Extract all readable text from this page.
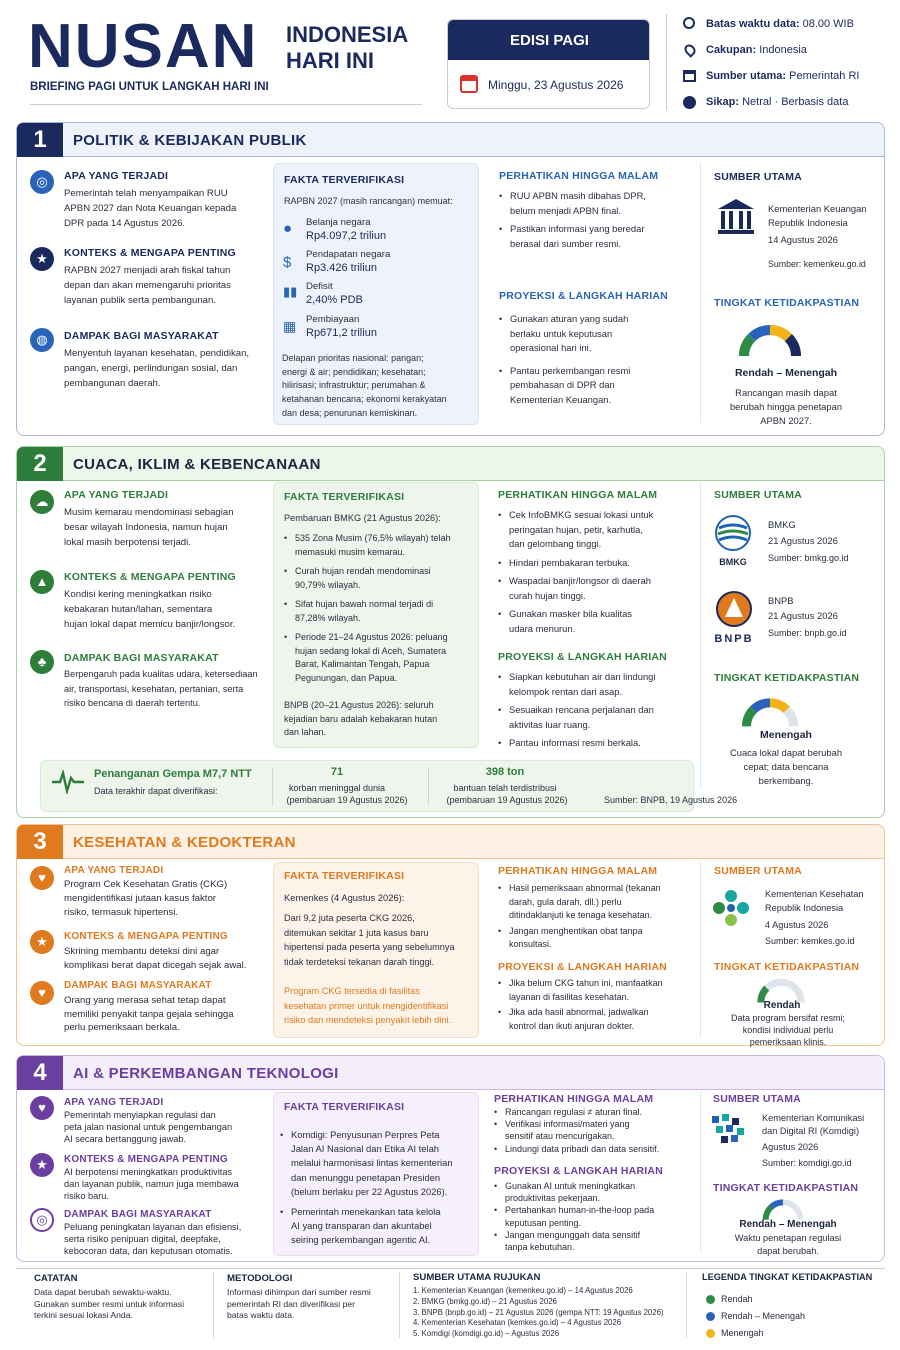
NUSAN INDONESIA
HARI INI
BRIEFING PAGI UNTUK LANGKAH HARI INI
EDISI PAGI
Minggu, 23 Agustus 2026
Batas waktu data: 08.00 WIB
Cakupan: Indonesia
Sumber utama: Pemerintah RI
Sikap: Netral · Berbasis data
1	POLITIK & KEBIJAKAN PUBLIK
◎	APA YANG TERJADI
Pemerintah telah menyampaikan RUU
APBN 2027 dan Nota Keuangan kepada
DPR pada 14 Agustus 2026.
★	KONTEKS & MENGAPA PENTING
RAPBN 2027 menjadi arah fiskal tahun
depan dan akan memengaruhi prioritas
layanan publik serta pembangunan.
◍	DAMPAK BAGI MASYARAKAT
Menyentuh layanan kesehatan, pendidikan,
pangan, energi, perlindungan sosial, dan
pembangunan daerah.
FAKTA TERVERIFIKASI
RAPBN 2027 (masih rancangan) memuat:
● Belanja negara
Rp4.097,2 triliun
$ Pendapatan negara
Rp3.426 triliun
▮▮ Defisit
2,40% PDB
▦ Pembiayaan
Rp671,2 triliun
Delapan prioritas nasional: pangan;
energi & air; pendidikan; kesehatan;
hilirisasi; infrastruktur; perumahan &
ketahanan bencana; ekonomi kerakyatan
dan desa; penurunan kemiskinan.
PERHATIKAN HINGGA MALAM
• RUU APBN masih dibahas DPR,
belum menjadi APBN final.
• Pastikan informasi yang beredar
berasal dari sumber resmi.
PROYEKSI & LANGKAH HARIAN
• Gunakan aturan yang sudah
berlaku untuk keputusan
operasional hari ini.
• Pantau perkembangan resmi
pembahasan di DPR dan
Kementerian Keuangan.
SUMBER UTAMA
Kementerian Keuangan
Republik Indonesia
14 Agustus 2026
Sumber: kemenkeu.go.id
TINGKAT KETIDAKPASTIAN
Rendah – Menengah
Rancangan masih dapat
berubah hingga penetapan
APBN 2027.
2	CUACA, IKLIM & KEBENCANAAN
☁	APA YANG TERJADI
Musim kemarau mendominasi sebagian
besar wilayah Indonesia, namun hujan
lokal masih berpotensi terjadi.
▲	KONTEKS & MENGAPA PENTING
Kondisi kering meningkatkan risiko
kebakaran hutan/lahan, sementara
hujan lokal dapat memicu banjir/longsor.
♣	DAMPAK BAGI MASYARAKAT
Berpengaruh pada kualitas udara, ketersediaan
air, transportasi, kesehatan, pertanian, serta
risiko bencana di daerah tertentu.
FAKTA TERVERIFIKASI
Pembaruan BMKG (21 Agustus 2026):
• 535 Zona Musim (76,5% wilayah) telah
memasuki musim kemarau.
• Curah hujan rendah mendominasi
90,79% wilayah.
• Sifat hujan bawah normal terjadi di
87,28% wilayah.
• Periode 21–24 Agustus 2026: peluang
hujan sedang lokal di Aceh, Sumatera
Barat, Kalimantan Tengah, Papua
Pegunungan, dan Papua.
BNPB (20–21 Agustus 2026): seluruh
kejadian baru adalah kebakaran hutan
dan lahan.
PERHATIKAN HINGGA MALAM
• Cek InfoBMKG sesuai lokasi untuk
peringatan hujan, petir, karhutla,
dan gelombang tinggi.
• Hindari pembakaran terbuka.
• Waspadai banjir/longsor di daerah
curah hujan tinggi.
• Gunakan masker bila kualitas
udara menurun.
PROYEKSI & LANGKAH HARIAN
• Siapkan kebutuhan air dan lindungi
kelompok rentan dari asap.
• Sesuaikan rencana perjalanan dan
aktivitas luar ruang.
• Pantau informasi resmi berkala.
SUMBER UTAMA
BMKG
BMKG
21 Agustus 2026
Sumber: bmkg.go.id
BNPB
BNPB
21 Agustus 2026
Sumber: bnpb.go.id
TINGKAT KETIDAKPASTIAN
Menengah
Cuaca lokal dapat berubah
cepat; data bencana
berkembang.
Penanganan Gempa M7,7 NTT
Data terakhir dapat diverifikasi:
71
korban meninggal dunia
(pembaruan 19 Agustus 2026)
398 ton
bantuan telah terdistribusi
(pembaruan 19 Agustus 2026)	Sumber: BNPB, 19 Agustus 2026
3	KESEHATAN & KEDOKTERAN
♥	APA YANG TERJADI
Program Cek Kesehatan Gratis (CKG)
mengidentifikasi jutaan kasus faktor
risiko, termasuk hipertensi.
★	KONTEKS & MENGAPA PENTING
Skrining membantu deteksi dini agar
komplikasi berat dapat dicegah sejak awal.
♥	DAMPAK BAGI MASYARAKAT
Orang yang merasa sehat tetap dapat
memiliki penyakit tanpa gejala sehingga
perlu pemeriksaan berkala.
FAKTA TERVERIFIKASI
Kemenkes (4 Agustus 2026):
Dari 9,2 juta peserta CKG 2026,
ditemukan sekitar 1 juta kasus baru
hipertensi pada peserta yang sebelumnya
tidak terdeteksi tekanan darah tinggi.
Program CKG tersedia di fasilitas
kesehatan primer untuk mengidentifikasi
risiko dan mendeteksi penyakit lebih dini.
PERHATIKAN HINGGA MALAM
• Hasil pemeriksaan abnormal (tekanan
darah, gula darah, dll.) perlu
ditindaklanjuti ke tenaga kesehatan.
• Jangan menghentikan obat tanpa
konsultasi.
PROYEKSI & LANGKAH HARIAN
• Jika belum CKG tahun ini, manfaatkan
layanan di fasilitas kesehatan.
• Jika ada hasil abnormal, jadwalkan
kontrol dan ikuti anjuran dokter.
SUMBER UTAMA
Kementerian Kesehatan
Republik Indonesia
4 Agustus 2026
Sumber: kemkes.go.id
TINGKAT KETIDAKPASTIAN
Rendah
Data program bersifat resmi;
kondisi individual perlu
pemeriksaan klinis.
4	AI & PERKEMBANGAN TEKNOLOGI
♥	APA YANG TERJADI
Pemerintah menyiapkan regulasi dan
peta jalan nasional untuk pengembangan
AI secara bertanggung jawab.
★	KONTEKS & MENGAPA PENTING
AI berpotensi meningkatkan produktivitas
dan layanan publik, namun juga membawa
risiko baru.
◎	DAMPAK BAGI MASYARAKAT
Peluang peningkatan layanan dan efisiensi,
serta risiko penipuan digital, deepfake,
kebocoran data, dan keputusan otomatis.
FAKTA TERVERIFIKASI
• Komdigi: Penyusunan Perpres Peta
Jalan AI Nasional dan Etika AI telah
melalui harmonisasi lintas kementerian
dan menunggu penetapan Presiden
(belum berlaku per 22 Agustus 2026).
• Pemerintah menekankan tata kelola
AI yang transparan dan akuntabel
seiring perkembangan agentic AI.
PERHATIKAN HINGGA MALAM
• Rancangan regulasi ≠ aturan final.
• Verifikasi informasi/materi yang
sensitif atau mencurigakan.
• Lindungi data pribadi dan data sensitif.
PROYEKSI & LANGKAH HARIAN
• Gunakan AI untuk meningkatkan
produktivitas pekerjaan.
• Pertahankan human-in-the-loop pada
keputusan penting.
• Jangan mengunggah data sensitif
tanpa kebutuhan.
SUMBER UTAMA
Kementerian Komunikasi
dan Digital RI (Komdigi)
Agustus 2026
Sumber: komdigi.go.id
TINGKAT KETIDAKPASTIAN
Rendah – Menengah
Waktu penetapan regulasi
dapat berubah.
CATATAN
Data dapat berubah sewaktu-waktu.
Gunakan sumber resmi untuk informasi
terkini sesuai lokasi Anda.
METODOLOGI
Informasi dihimpun dari sumber resmi
pemerintah RI dan diverifikasi per
batas waktu data.
SUMBER UTAMA RUJUKAN
1. Kementerian Keuangan (kemenkeu.go.id) – 14 Agustus 2026
2. BMKG (bmkg.go.id) – 21 Agustus 2026
3. BNPB (bnpb.go.id) – 21 Agustus 2026 (gempa NTT: 19 Agustus 2026)
4. Kementerian Kesehatan (kemkes.go.id) – 4 Agustus 2026
5. Komdigi (komdigi.go.id) – Agustus 2026
LEGENDA TINGKAT KETIDAKPASTIAN
Rendah
Rendah – Menengah
Menengah
